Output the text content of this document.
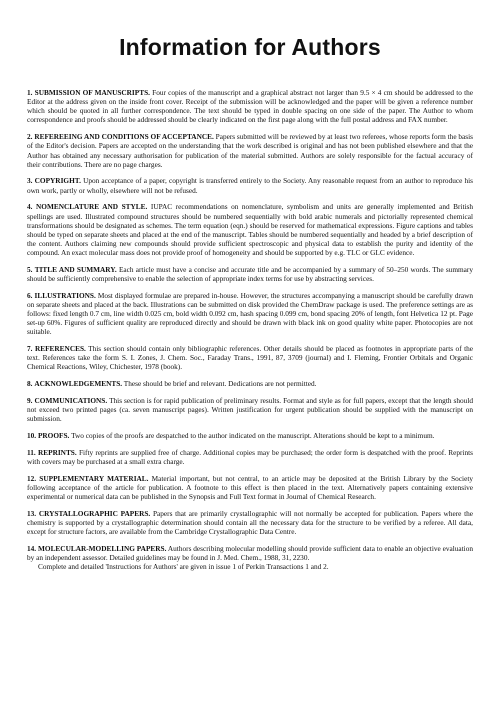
Information for Authors

1. SUBMISSION OF MANUSCRIPTS. Four copies of the manuscript and a graphical abstract not larger than 9.5 × 4 cm should be addressed to the Editor at the address given on the inside front cover. Receipt of the submission will be acknowledged and the paper will be given a reference number which should be quoted in all further correspondence. The text should be typed in double spacing on one side of the paper. The Author to whom correspondence and proofs should be addressed should be clearly indicated on the first page along with the full postal address and FAX number.

2. REFEREEING AND CONDITIONS OF ACCEPTANCE. Papers submitted will be reviewed by at least two referees, whose reports form the basis of the Editor's decision. Papers are accepted on the understanding that the work described is original and has not been published elsewhere and that the Author has obtained any necessary authorisation for publication of the material submitted. Authors are solely responsible for the factual accuracy of their contributions. There are no page charges.

3. COPYRIGHT. Upon acceptance of a paper, copyright is transferred entirely to the Society. Any reasonable request from an author to reproduce his own work, partly or wholly, elsewhere will not be refused.

4. NOMENCLATURE AND STYLE. IUPAC recommendations on nomenclature, symbolism and units are generally implemented and British spellings are used. Illustrated compound structures should be numbered sequentially with bold arabic numerals and pictorially represented chemical transformations should be designated as schemes. The term equation (eqn.) should be reserved for mathematical expressions. Figure captions and tables should be typed on separate sheets and placed at the end of the manuscript. Tables should be numbered sequentially and headed by a brief description of the content. Authors claiming new compounds should provide sufficient spectroscopic and physical data to establish the purity and identity of the compound. An exact molecular mass does not provide proof of homogeneity and should be supported by e.g. TLC or GLC evidence.

5. TITLE AND SUMMARY. Each article must have a concise and accurate title and be accompanied by a summary of 50–250 words. The summary should be sufficiently comprehensive to enable the selection of appropriate index terms for use by abstracting services.

6. ILLUSTRATIONS. Most displayed formulae are prepared in-house. However, the structures accompanying a manuscript should be carefully drawn on separate sheets and placed at the back. Illustrations can be submitted on disk provided the ChemDraw package is used. The preference settings are as follows: fixed length 0.7 cm, line width 0.025 cm, bold width 0.092 cm, hash spacing 0.099 cm, bond spacing 20% of length, font Helvetica 12 pt. Page set-up 60%. Figures of sufficient quality are reproduced directly and should be drawn with black ink on good quality white paper. Photocopies are not suitable.

7. REFERENCES. This section should contain only bibliographic references. Other details should be placed as footnotes in appropriate parts of the text. References take the form S. I. Zones, J. Chem. Soc., Faraday Trans., 1991, 87, 3709 (journal) and I. Fleming, Frontier Orbitals and Organic Chemical Reactions, Wiley, Chichester, 1978 (book).

8. ACKNOWLEDGEMENTS. These should be brief and relevant. Dedications are not permitted.

9. COMMUNICATIONS. This section is for rapid publication of preliminary results. Format and style as for full papers, except that the length should not exceed two printed pages (ca. seven manuscript pages). Written justification for urgent publication should be supplied with the manuscript on submission.

10. PROOFS. Two copies of the proofs are despatched to the author indicated on the manuscript. Alterations should be kept to a minimum.

11. REPRINTS. Fifty reprints are supplied free of charge. Additional copies may be purchased; the order form is despatched with the proof. Reprints with covers may be purchased at a small extra charge.

12. SUPPLEMENTARY MATERIAL. Material important, but not central, to an article may be deposited at the British Library by the Society following acceptance of the article for publication. A footnote to this effect is then placed in the text. Alternatively papers containing extensive experimental or numerical data can be published in the Synopsis and Full Text format in Journal of Chemical Research.

13. CRYSTALLOGRAPHIC PAPERS. Papers that are primarily crystallographic will not normally be accepted for publication. Papers where the chemistry is supported by a crystallographic determination should contain all the necessary data for the structure to be verified by a referee. All data, except for structure factors, are available from the Cambridge Crystallographic Data Centre.

14. MOLECULAR-MODELLING PAPERS. Authors describing molecular modelling should provide sufficient data to enable an objective evaluation by an independent assessor. Detailed guidelines may be found in J. Med. Chem., 1988, 31, 2230.

Complete and detailed 'Instructions for Authors' are given in issue 1 of Perkin Transactions 1 and 2.
